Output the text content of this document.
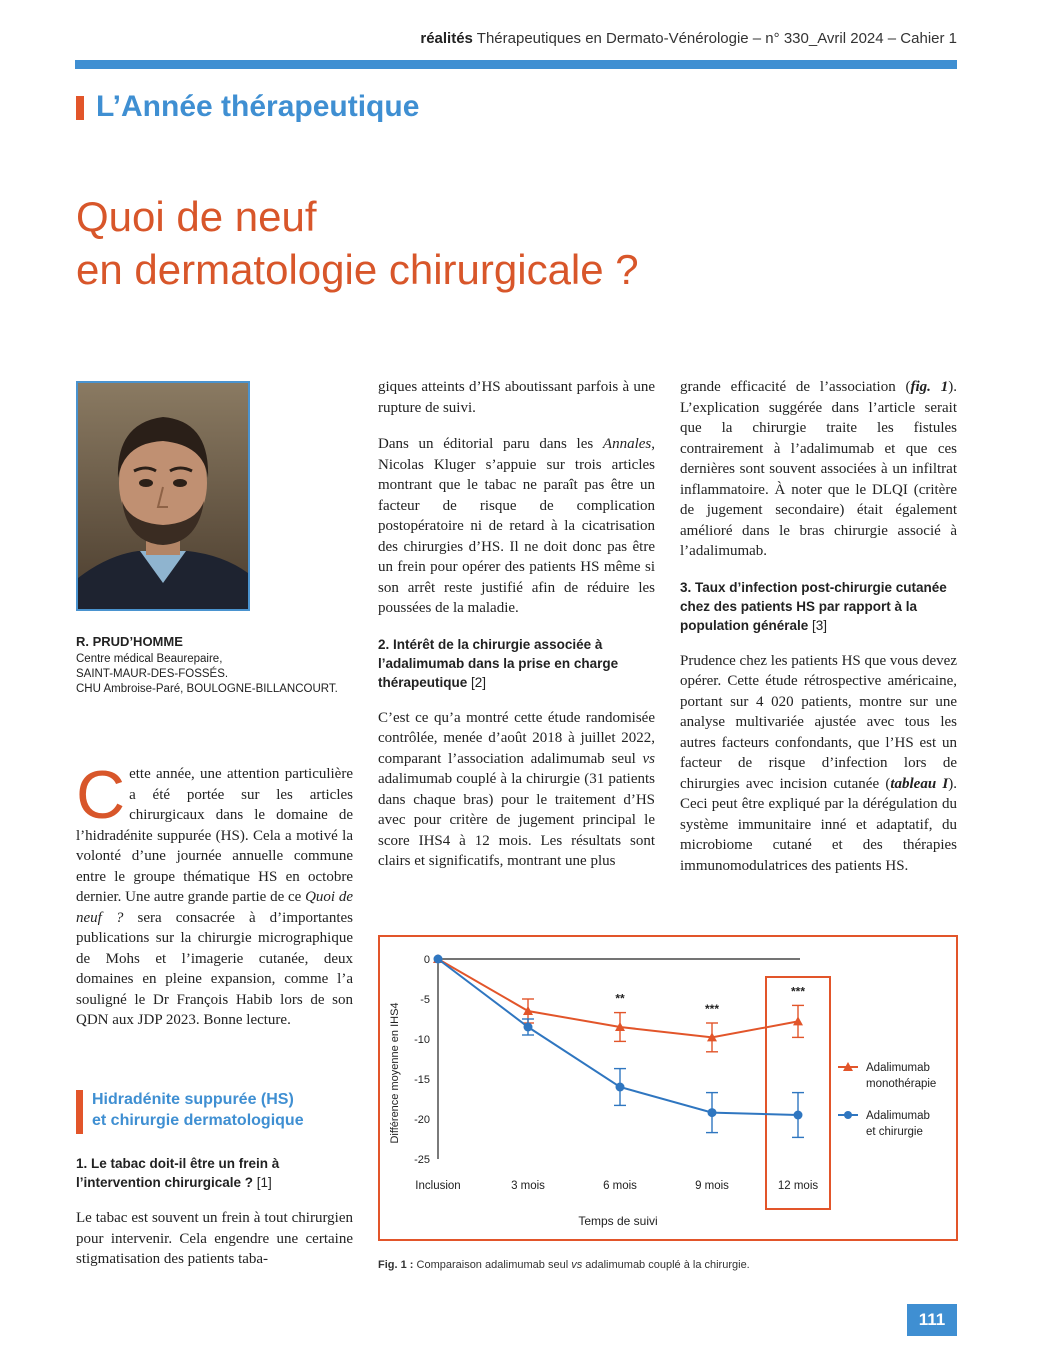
réalités Thérapeutiques en Dermato-Vénérologie – n° 330_Avril 2024 – Cahier 1
L’Année thérapeutique
Quoi de neuf
en dermatologie chirurgicale ?
R. PRUD’HOMME
Centre médical Beaurepaire,
SAINT-MAUR-DES-FOSSÉS.
CHU Ambroise-Paré, BOULOGNE-BILLANCOURT.

Cette année, une attention particulière a été portée sur les articles chirurgicaux dans le domaine de l’hidradénite suppurée (HS). Cela a motivé la volonté d’une journée annuelle commune entre le groupe thématique HS en octobre dernier. Une autre grande partie de ce Quoi de neuf ? sera consacrée à d’importantes publications sur la chirurgie micrographique de Mohs et l’imagerie cutanée, deux domaines en pleine expansion, comme l’a souligné le Dr François Habib lors de son QDN aux JDP 2023. Bonne lecture.

Hidradénite suppurée (HS)
et chirurgie dermatologique
1. Le tabac doit-il être un frein à l’intervention chirurgicale ? [1]

Le tabac est souvent un frein à tout chirurgien pour intervenir. Cela engendre une certaine stigmatisation des patients taba-

giques atteints d’HS aboutissant parfois à une rupture de suivi.

Dans un éditorial paru dans les Annales, Nicolas Kluger s’appuie sur trois articles montrant que le tabac ne paraît pas être un facteur de risque de complication postopératoire ni de retard à la cicatrisation des chirurgies d’HS. Il ne doit donc pas être un frein pour opérer des patients HS même si son arrêt reste justifié afin de réduire les poussées de la maladie.

2. Intérêt de la chirurgie associée à l’adalimumab dans la prise en charge thérapeutique [2]

C’est ce qu’a montré cette étude randomisée contrôlée, menée d’août 2018 à juillet 2022, comparant l’association adalimumab seul vs adalimumab couplé à la chirurgie (31 patients dans chaque bras) pour le traitement d’HS avec pour critère de jugement principal le score IHS4 à 12 mois. Les résultats sont clairs et significatifs, montrant une plus

grande efficacité de l’association (fig. 1). L’explication suggérée dans l’article serait que la chirurgie traite les fistules contrairement à l’adalimumab et que ces dernières sont souvent associées à un infiltrat inflammatoire. À noter que le DLQI (critère de jugement secondaire) était également amélioré dans le bras chirurgie associé à l’adalimumab.

3. Taux d’infection post-chirurgie cutanée chez des patients HS par rapport à la population générale [3]

Prudence chez les patients HS que vous devez opérer. Cette étude rétrospective américaine, portant sur 4 020 patients, montre sur une analyse multivariée ajustée avec tous les autres facteurs confondants, que l’HS est un facteur de risque d’infection lors de chirurgies avec incision cutanée (tableau I). Ceci peut être expliqué par la dérégulation du système immunitaire inné et adaptatif, du microbiome cutané et des thérapies immunomodulatrices des patients HS.

Différence moyenne en IHS4
Temps de suivi
0
-5
-10
-15
-20
-25
Inclusion	3 mois	6 mois	9 mois	12 mois
**
***
***
Adalimumab
monothérapie
Adalimumab
et chirurgie
Fig. 1 : Comparaison adalimumab seul vs adalimumab couplé à la chirurgie.
111
